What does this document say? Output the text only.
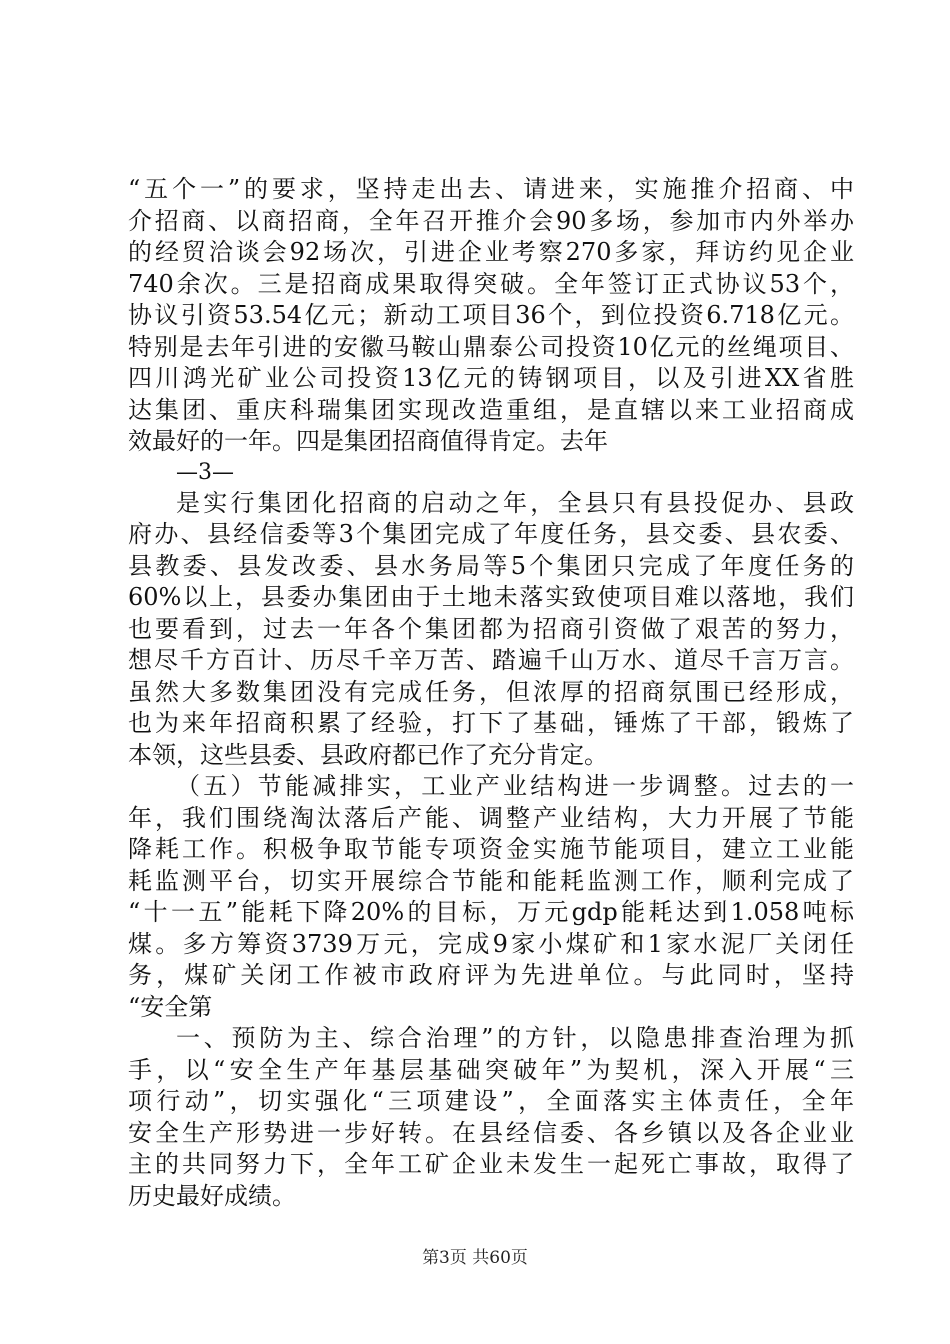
“五个一”的要求，坚持走出去、请进来，实施推介招商、中
介招商、以商招商，全年召开推介会90多场，参加市内外举办
的经贸洽谈会92场次，引进企业考察270多家，拜访约见企业
740余次。三是招商成果取得突破。全年签订正式协议53个，
协议引资53.54亿元；新动工项目36个，到位投资6.718亿元。
特别是去年引进的安徽马鞍山鼎泰公司投资10亿元的丝绳项目、
四川鸿光矿业公司投资13亿元的铸钢项目，以及引进XX省胜
达集团、重庆科瑞集团实现改造重组，是直辖以来工业招商成
效最好的一年。四是集团招商值得肯定。去年
—3—
是实行集团化招商的启动之年，全县只有县投促办、县政
府办、县经信委等3个集团完成了年度任务，县交委、县农委、
县教委、县发改委、县水务局等5个集团只完成了年度任务的
60%以上，县委办集团由于土地未落实致使项目难以落地，我们
也要看到，过去一年各个集团都为招商引资做了艰苦的努力，
想尽千方百计、历尽千辛万苦、踏遍千山万水、道尽千言万言。
虽然大多数集团没有完成任务，但浓厚的招商氛围已经形成，
也为来年招商积累了经验，打下了基础，锤炼了干部，锻炼了
本领，这些县委、县政府都已作了充分肯定。
（五）节能减排实，工业产业结构进一步调整。过去的一
年，我们围绕淘汰落后产能、调整产业结构，大力开展了节能
降耗工作。积极争取节能专项资金实施节能项目，建立工业能
耗监测平台，切实开展综合节能和能耗监测工作，顺利完成了
“十一五”能耗下降20%的目标，万元gdp能耗达到1.058吨标
煤。多方筹资3739万元，完成9家小煤矿和1家水泥厂关闭任
务，煤矿关闭工作被市政府评为先进单位。与此同时，坚持
“安全第
一、预防为主、综合治理”的方针，以隐患排查治理为抓
手，以“安全生产年基层基础突破年”为契机，深入开展“三
项行动”，切实强化“三项建设”，全面落实主体责任，全年
安全生产形势进一步好转。在县经信委、各乡镇以及各企业业
主的共同努力下，全年工矿企业未发生一起死亡事故，取得了
历史最好成绩。
第3页 共60页
